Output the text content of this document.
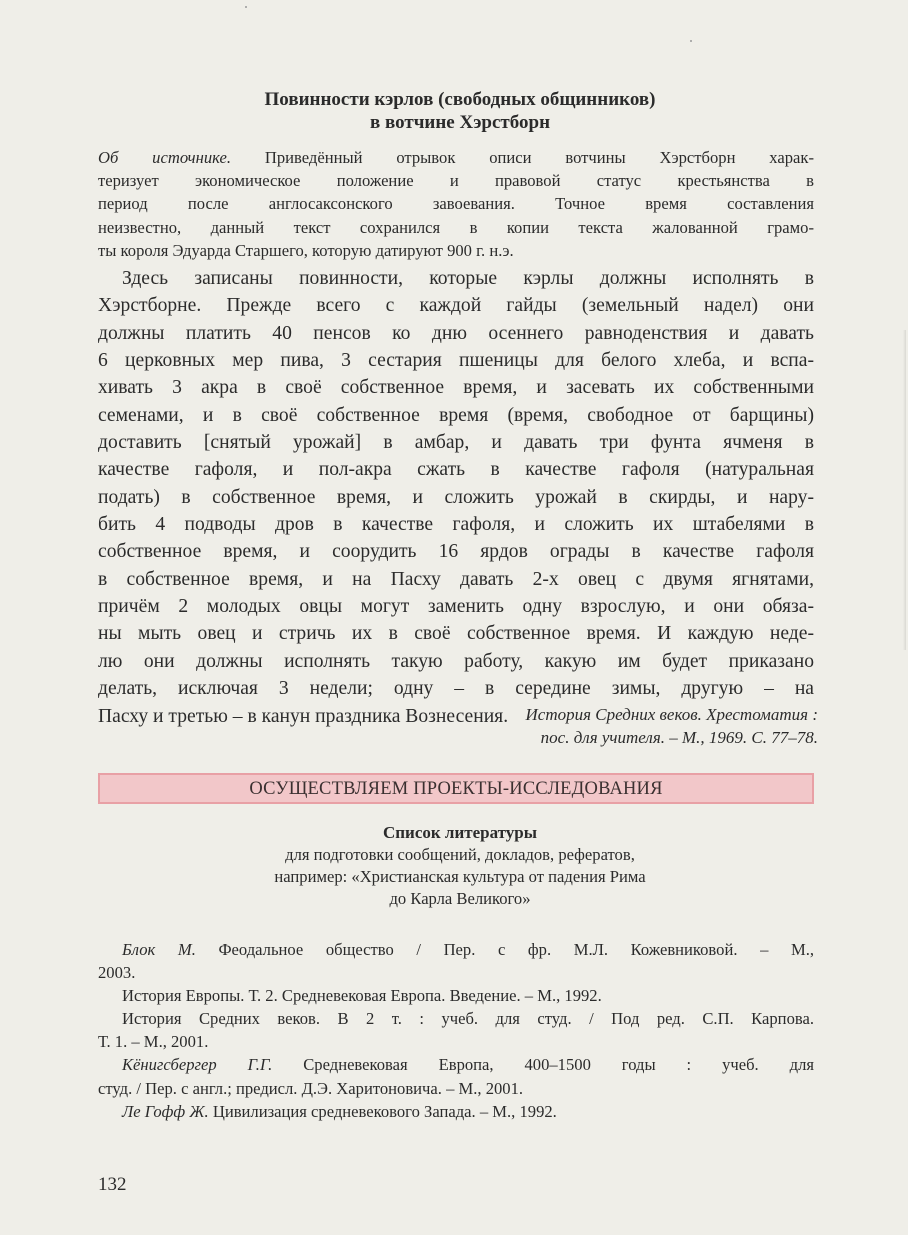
Повинности кэрлов (свободных общинников)
в вотчине Хэрстборн
Об источнике. Приведённый отрывок описи вотчины Хэрстборн харак-
теризует экономическое положение и правовой статус крестьянства в
период после англосаксонского завоевания. Точное время составления
неизвестно, данный текст сохранился в копии текста жалованной грамо-
ты короля Эдуарда Старшего, которую датируют 900 г. н.э.
Здесь записаны повинности, которые кэрлы должны исполнять в
Хэрстборне. Прежде всего с каждой гайды (земельный надел) они
должны платить 40 пенсов ко дню осеннего равноденствия и давать
6 церковных мер пива, 3 сестария пшеницы для белого хлеба, и вспа-
хивать 3 акра в своё собственное время, и засевать их собственными
семенами, и в своё собственное время (время, свободное от барщины)
доставить [снятый урожай] в амбар, и давать три фунта ячменя в
качестве гафоля, и пол-акра сжать в качестве гафоля (натуральная
подать) в собственное время, и сложить урожай в скирды, и нару-
бить 4 подводы дров в качестве гафоля, и сложить их штабелями в
собственное время, и соорудить 16 ярдов ограды в качестве гафоля
в собственное время, и на Пасху давать 2-х овец с двумя ягнятами,
причём 2 молодых овцы могут заменить одну взрослую, и они обяза-
ны мыть овец и стричь их в своё собственное время. И каждую неде-
лю они должны исполнять такую работу, какую им будет приказано
делать, исключая 3 недели; одну – в середине зимы, другую – на
Пасху и третью – в канун праздника Вознесения.	История Средних веков. Хрестоматия :
пос. для учителя. – М., 1969. С. 77–78.
ОСУЩЕСТВЛЯЕМ ПРОЕКТЫ-ИССЛЕДОВАНИЯ
Список литературы
для подготовки сообщений, докладов, рефератов,
например: «Христианская культура от падения Рима
до Карла Великого»
Блок М. Феодальное общество / Пер. с фр. М.Л. Кожевниковой. – М.,
2003.
История Европы. Т. 2. Средневековая Европа. Введение. – М., 1992.
История Средних веков. В 2 т. : учеб. для студ. / Под ред. С.П. Карпова.
Т. 1. – М., 2001.
Кёнигсбергер Г.Г. Средневековая Европа, 400–1500 годы : учеб. для
студ. / Пер. с англ.; предисл. Д.Э. Харитоновича. – М., 2001.
Ле Гофф Ж. Цивилизация средневекового Запада. – М., 1992.
132
